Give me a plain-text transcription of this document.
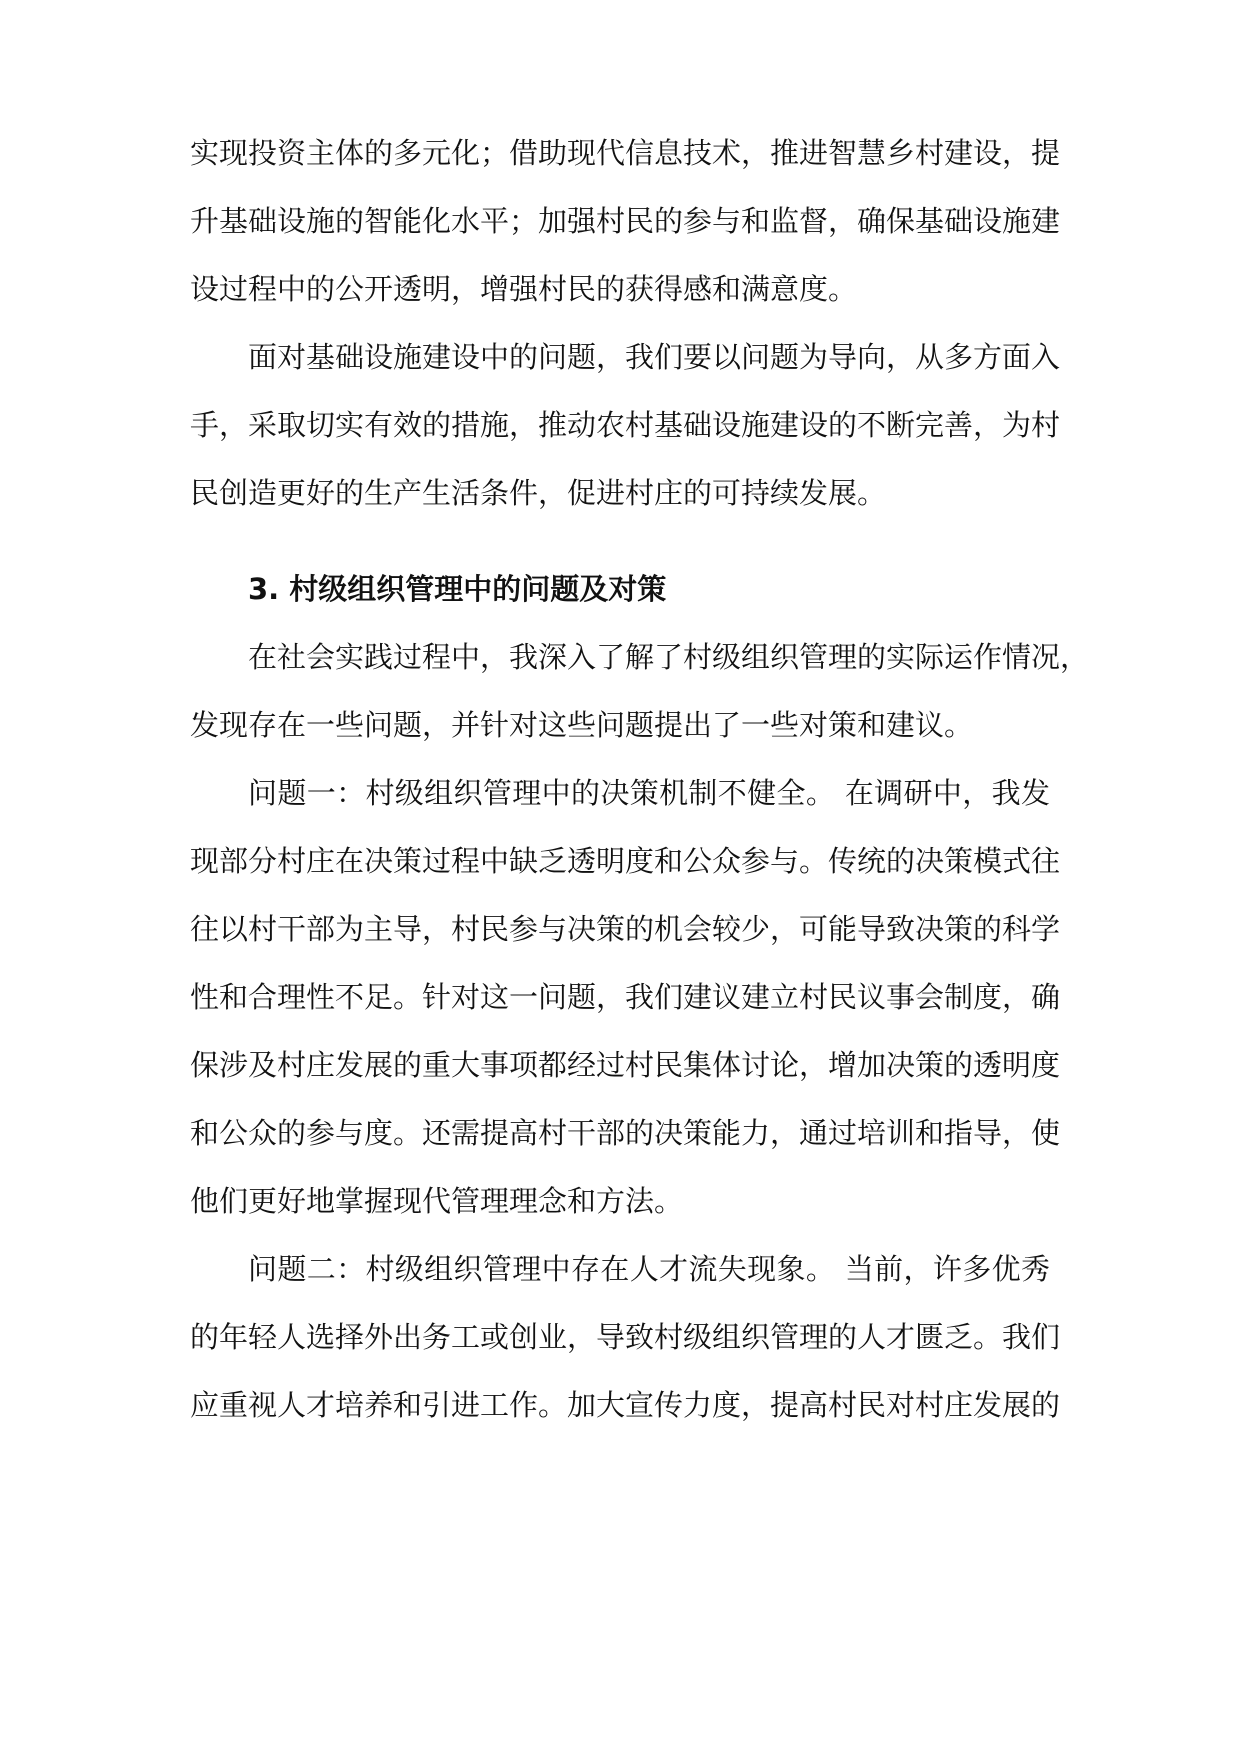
实现投资主体的多元化；借助现代信息技术，推进智慧乡村建设，提
升基础设施的智能化水平；加强村民的参与和监督，确保基础设施建
设过程中的公开透明，增强村民的获得感和满意度。
面对基础设施建设中的问题，我们要以问题为导向，从多方面入
手，采取切实有效的措施，推动农村基础设施建设的不断完善，为村
民创造更好的生产生活条件，促进村庄的可持续发展。
3. 村级组织管理中的问题及对策
在社会实践过程中，我深入了解了村级组织管理的实际运作情况，
发现存在一些问题，并针对这些问题提出了一些对策和建议。
问题一：村级组织管理中的决策机制不健全。 在调研中，我发
现部分村庄在决策过程中缺乏透明度和公众参与。传统的决策模式往
往以村干部为主导，村民参与决策的机会较少，可能导致决策的科学
性和合理性不足。针对这一问题，我们建议建立村民议事会制度，确
保涉及村庄发展的重大事项都经过村民集体讨论，增加决策的透明度
和公众的参与度。还需提高村干部的决策能力，通过培训和指导，使
他们更好地掌握现代管理理念和方法。
问题二：村级组织管理中存在人才流失现象。 当前，许多优秀
的年轻人选择外出务工或创业，导致村级组织管理的人才匮乏。我们
应重视人才培养和引进工作。加大宣传力度，提高村民对村庄发展的
